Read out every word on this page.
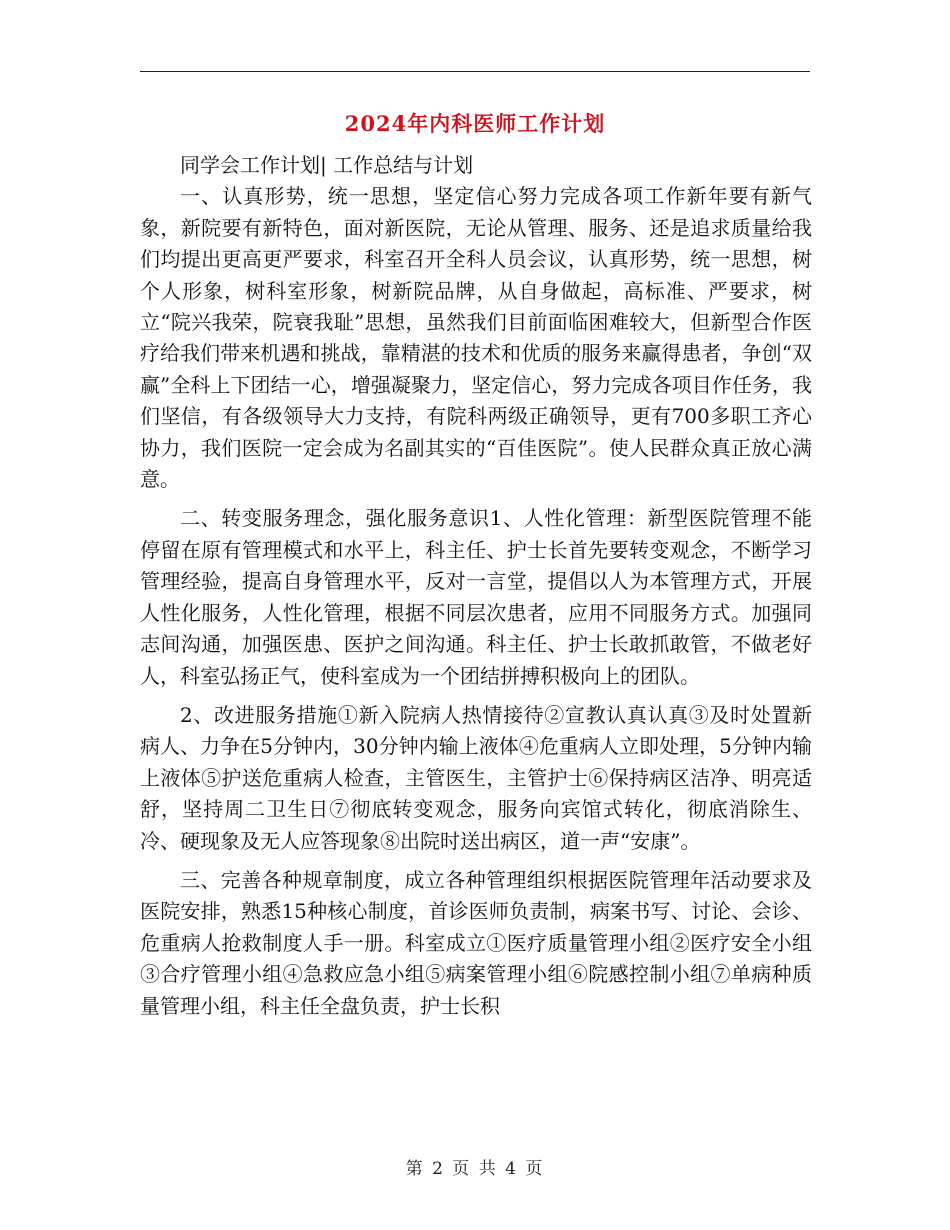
2024年内科医师工作计划

同学会工作计划| 工作总结与计划

一、认真形势，统一思想，坚定信心努力完成各项工作新年要有新气象，新院要有新特色，面对新医院，无论从管理、服务、还是追求质量给我们均提出更高更严要求，科室召开全科人员会议，认真形势，统一思想，树个人形象，树科室形象，树新院品牌，从自身做起，高标准、严要求，树立“院兴我荣，院衰我耻”思想，虽然我们目前面临困难较大，但新型合作医疗给我们带来机遇和挑战，靠精湛的技术和优质的服务来赢得患者，争创“双赢”全科上下团结一心，增强凝聚力，坚定信心，努力完成各项目作任务，我们坚信，有各级领导大力支持，有院科两级正确领导，更有700多职工齐心协力，我们医院一定会成为名副其实的“百佳医院”。使人民群众真正放心满意。

二、转变服务理念，强化服务意识1、人性化管理：新型医院管理不能停留在原有管理模式和水平上，科主任、护士长首先要转变观念，不断学习管理经验，提高自身管理水平，反对一言堂，提倡以人为本管理方式，开展人性化服务，人性化管理，根据不同层次患者，应用不同服务方式。加强同志间沟通，加强医患、医护之间沟通。科主任、护士长敢抓敢管，不做老好人，科室弘扬正气，使科室成为一个团结拼搏积极向上的团队。

2、改进服务措施①新入院病人热情接待②宣教认真认真③及时处置新病人、力争在5分钟内，30分钟内输上液体④危重病人立即处理，5分钟内输上液体⑤护送危重病人检查，主管医生，主管护士⑥保持病区洁净、明亮适舒，坚持周二卫生日⑦彻底转变观念，服务向宾馆式转化，彻底消除生、冷、硬现象及无人应答现象⑧出院时送出病区，道一声“安康”。

三、完善各种规章制度，成立各种管理组织根据医院管理年活动要求及医院安排，熟悉15种核心制度，首诊医师负责制，病案书写、讨论、会诊、危重病人抢救制度人手一册。科室成立①医疗质量管理小组②医疗安全小组③合疗管理小组④急救应急小组⑤病案管理小组⑥院感控制小组⑦单病种质量管理小组，科主任全盘负责，护士长积

第 2 页 共 4 页
